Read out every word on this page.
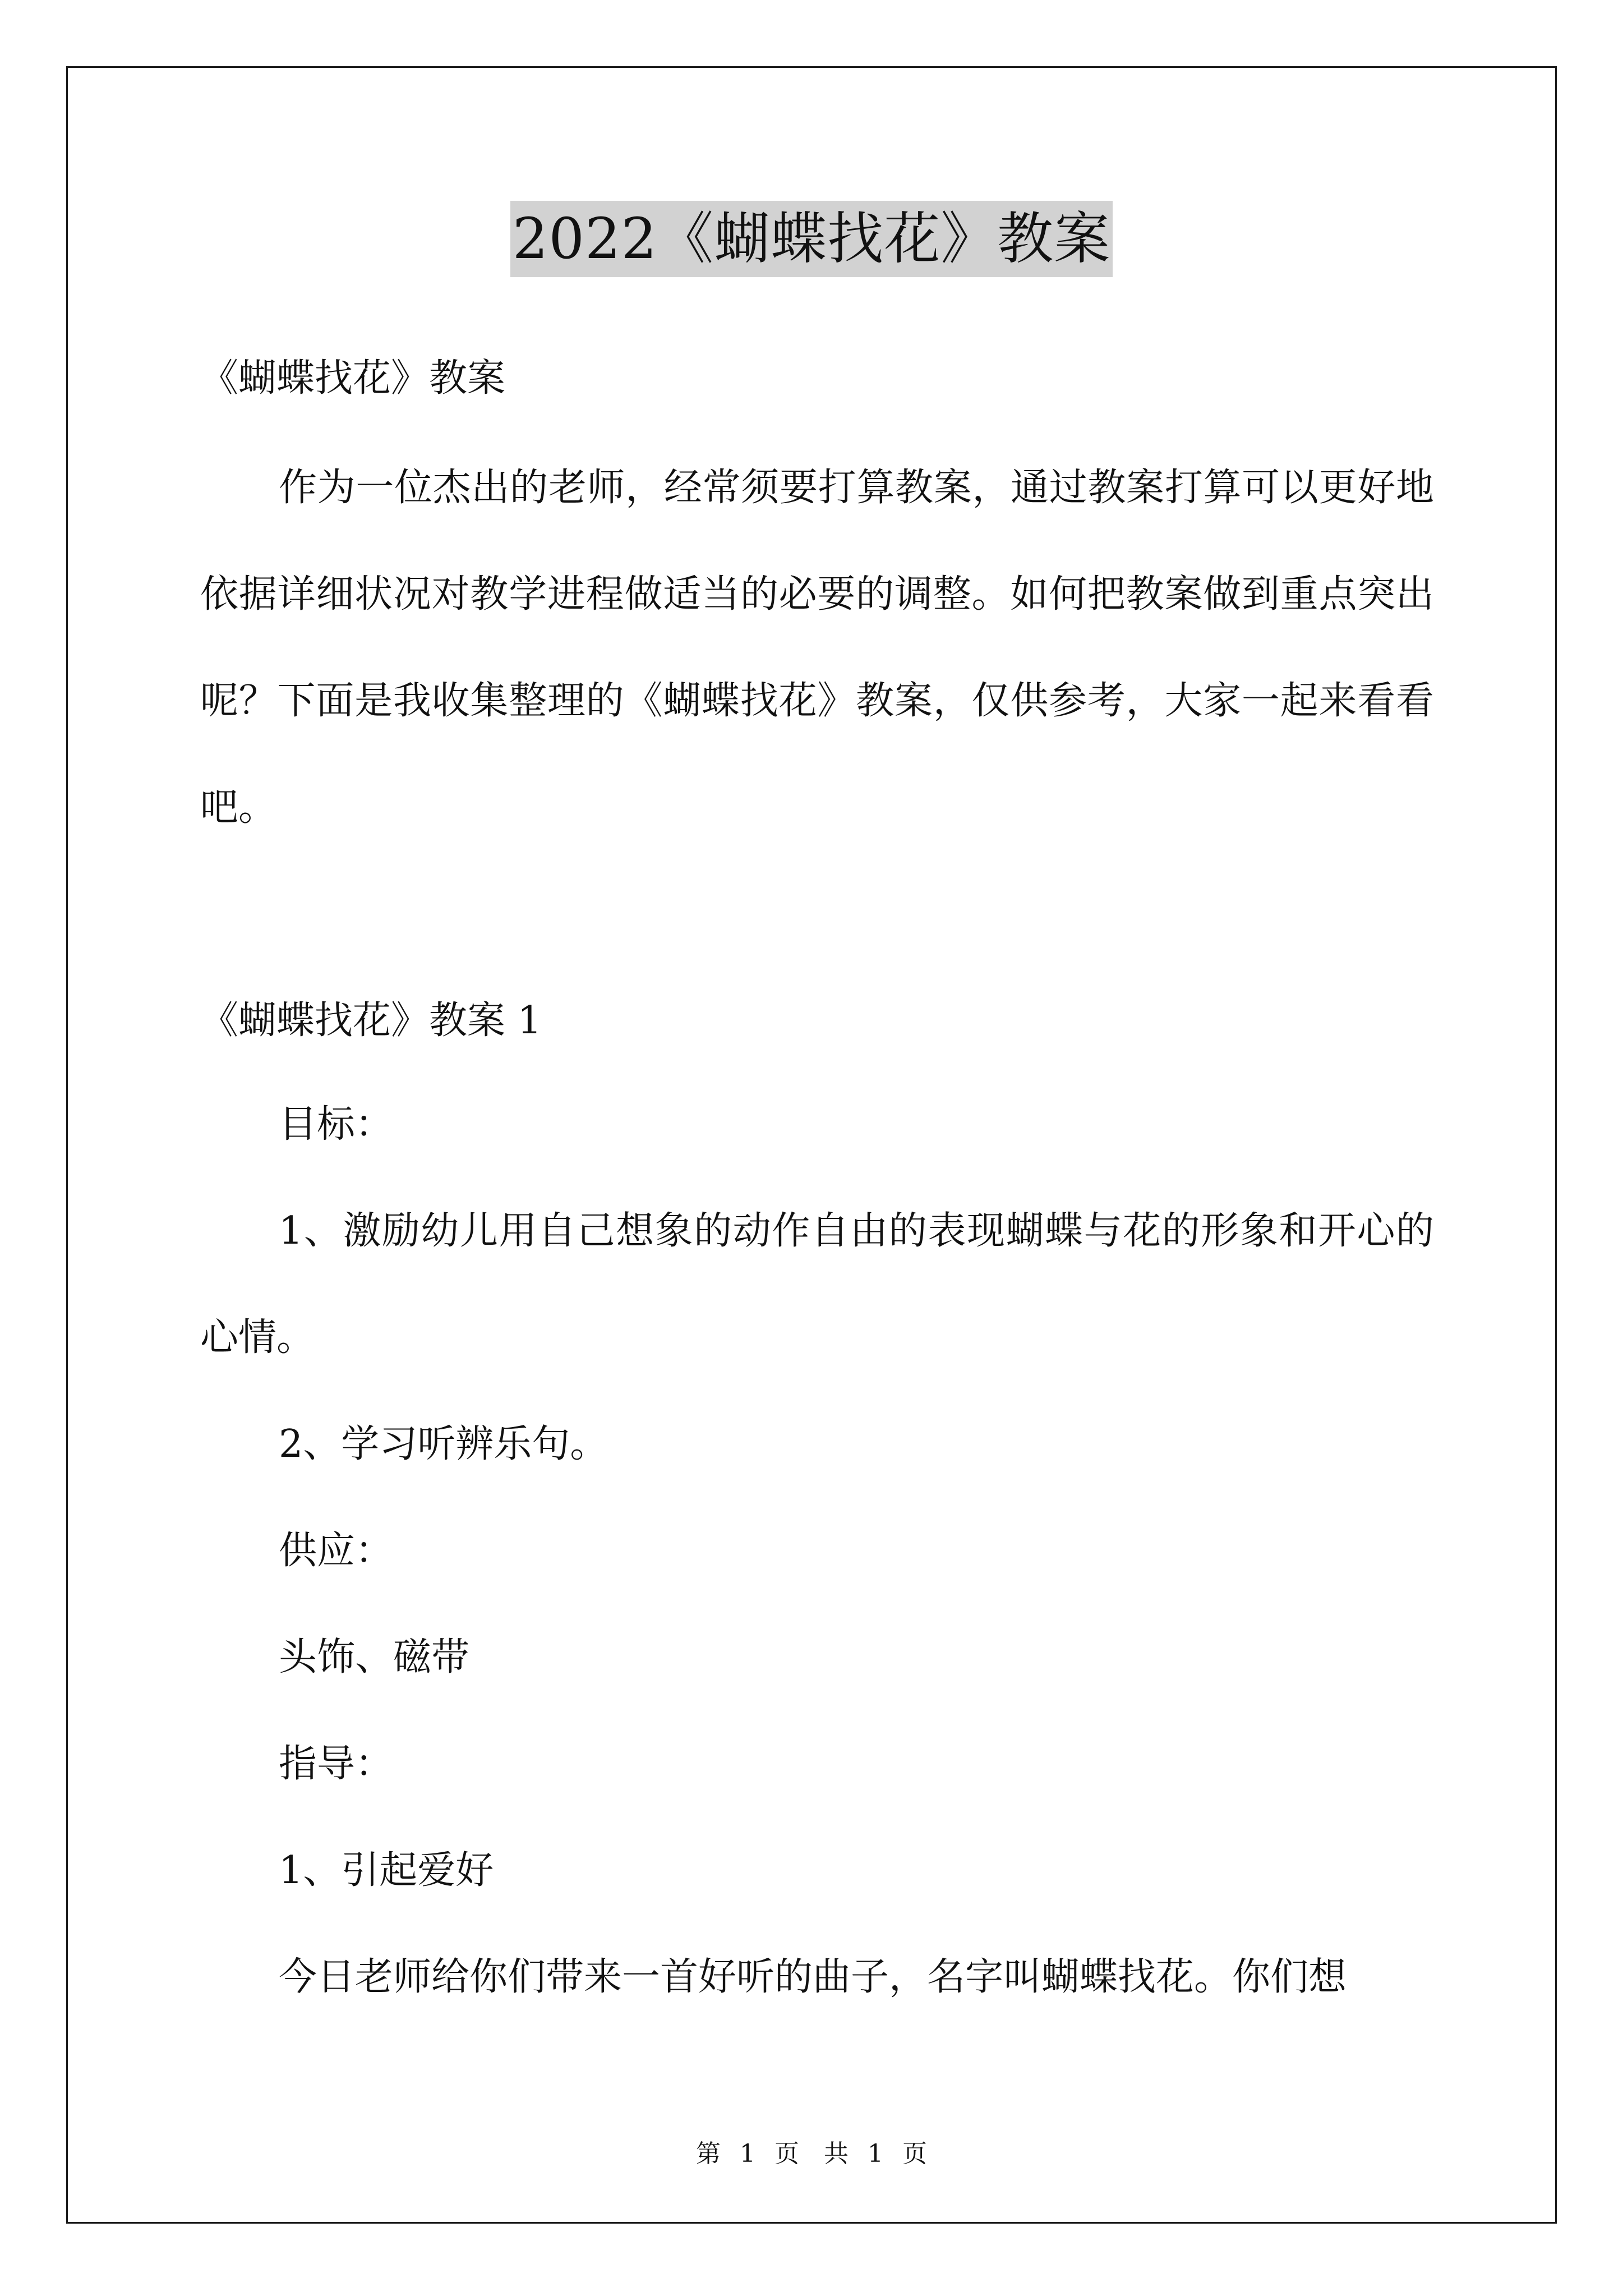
2022《蝴蝶找花》教案
《蝴蝶找花》教案
作为一位杰出的老师，经常须要打算教案，通过教案打算可以更好地依据详细状况对教学进程做适当的必要的调整。如何把教案做到重点突出呢？下面是我收集整理的《蝴蝶找花》教案，仅供参考，大家一起来看看吧。
《蝴蝶找花》教案 1
目标：
1、激励幼儿用自己想象的动作自由的表现蝴蝶与花的形象和开心的心情。
2、学习听辨乐句。
供应：
头饰、磁带
指导：
1、引起爱好
今日老师给你们带来一首好听的曲子，名字叫蝴蝶找花。你们想
第 1 页　共 1 页
